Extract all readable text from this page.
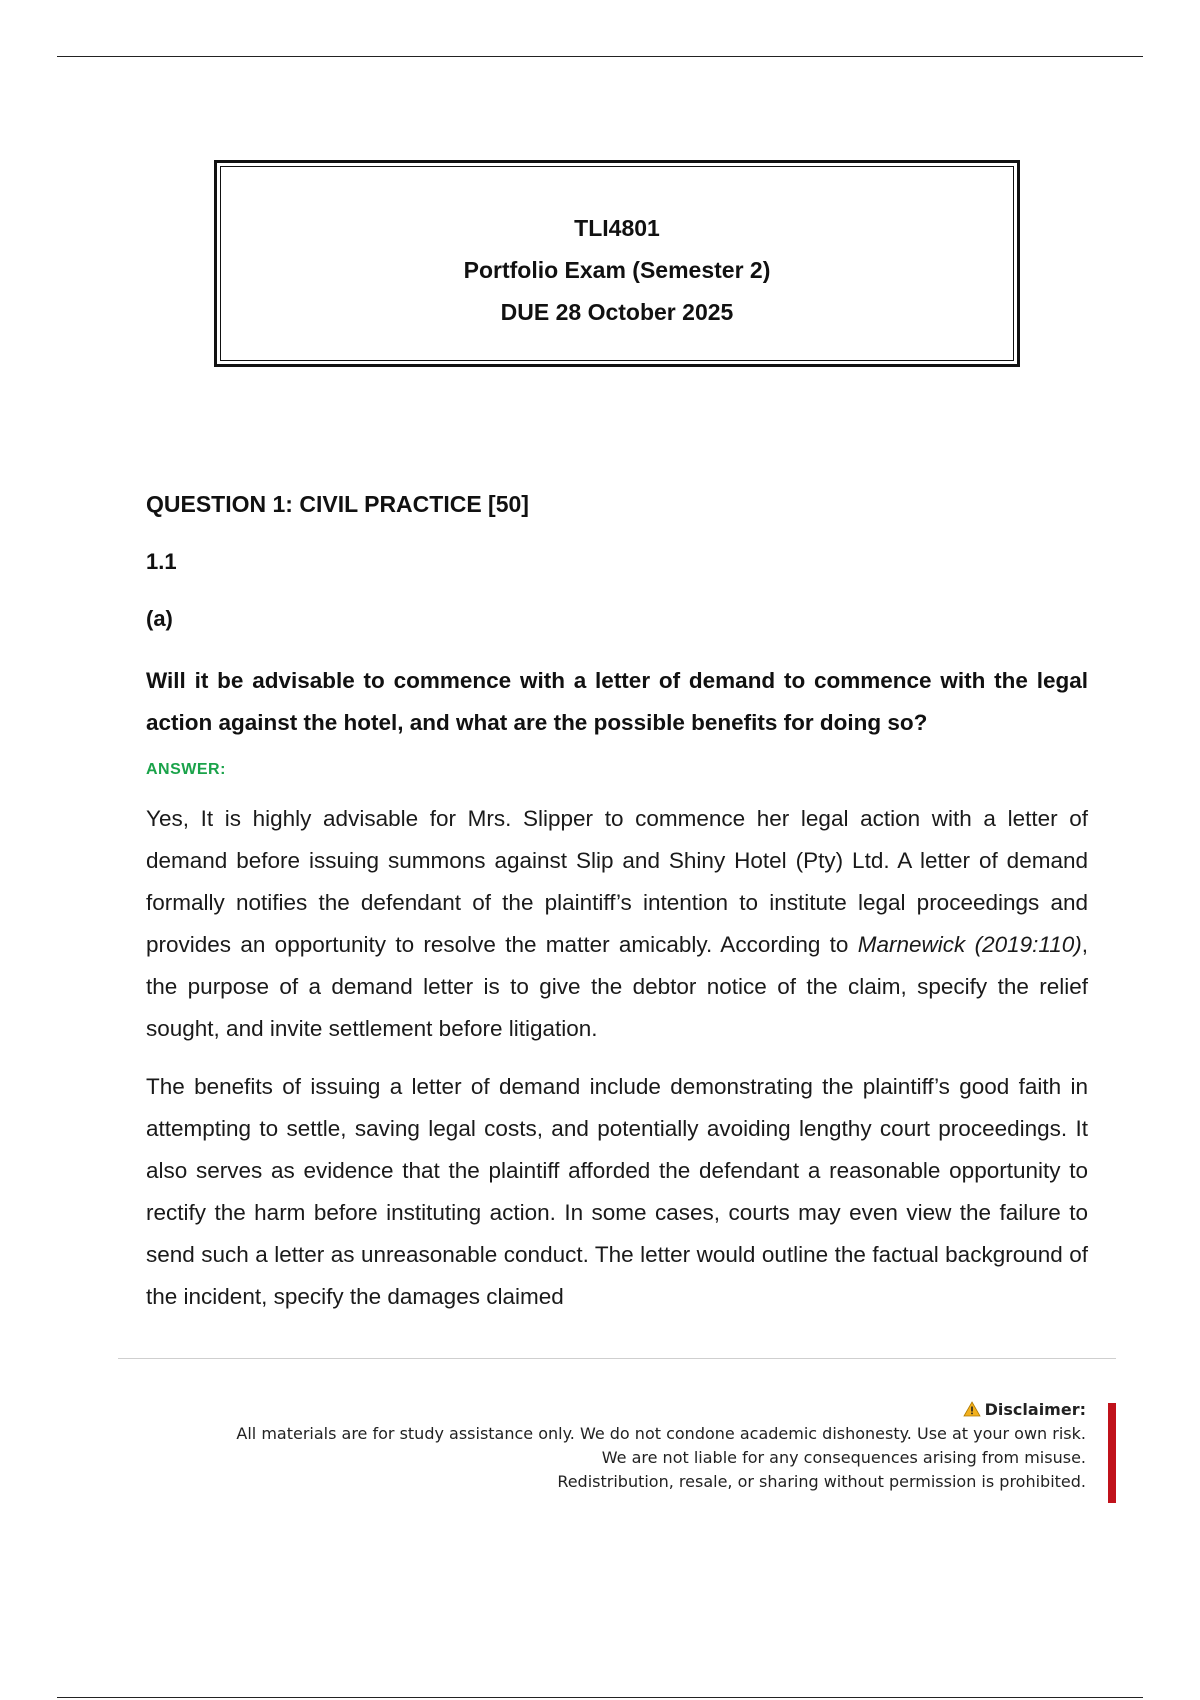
TLI4801

Portfolio Exam (Semester 2)

DUE 28 October 2025

QUESTION 1: CIVIL PRACTICE [50]

1.1

(a)

Will it be advisable to commence with a letter of demand to commence with the legal action against the hotel, and what are the possible benefits for doing so?

ANSWER:

Yes, It is highly advisable for Mrs. Slipper to commence her legal action with a letter of demand before issuing summons against Slip and Shiny Hotel (Pty) Ltd. A letter of demand formally notifies the defendant of the plaintiff’s intention to institute legal proceedings and provides an opportunity to resolve the matter amicably. According to Marnewick (2019:110), the purpose of a demand letter is to give the debtor notice of the claim, specify the relief sought, and invite settlement before litigation.

The benefits of issuing a letter of demand include demonstrating the plaintiff’s good faith in attempting to settle, saving legal costs, and potentially avoiding lengthy court proceedings. It also serves as evidence that the plaintiff afforded the defendant a reasonable opportunity to rectify the harm before instituting action. In some cases, courts may even view the failure to send such a letter as unreasonable conduct. The letter would outline the factual background of the incident, specify the damages claimed

Disclaimer:
All materials are for study assistance only. We do not condone academic dishonesty. Use at your own risk.
We are not liable for any consequences arising from misuse.
Redistribution, resale, or sharing without permission is prohibited.
